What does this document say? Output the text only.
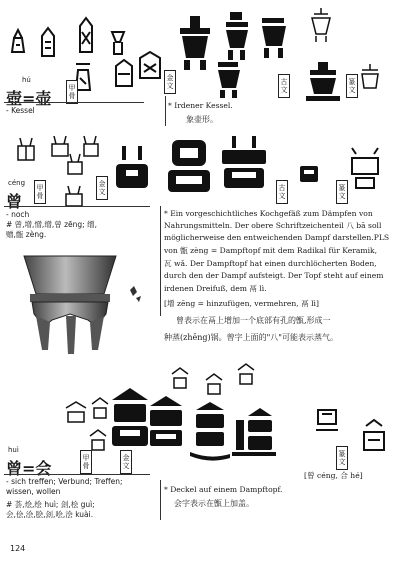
hú
壺=壶
- Kessel
甲
骨
金
文	古
文
篆
文
* Irdener Kessel.
象壶形。
céng
曾
- noch
# 曾,增,憎,缯,曾 zēng; 缯,
赠,甑 zèng.
甲
骨
金
文	古
文
篆
文
* Ein vorgeschichtliches Kochgefäß zum Dämpfen von
Nahrungsmitteln. Der obere Schriftzeichenteil 八 bā soll
möglicherweise den entweichenden Dampf darstellen.PLS
von 甑 zèng = Dampftopf mit dem Radikal für Keramik,
瓦 wǎ. Der Dampftopf hat einen durchlöcherten Boden,
durch den der Dampf aufsteigt. Der Topf steht auf einem
irdenen Dreifuß, dem 鬲 lì.
[增 zēng = hinzufügen, vermehren, 鬲 lì]
曾表示在鬲上增加一个底部有孔的甑,形成一
种蒸(zhēng)锅。曾字上面的"八"可能表示蒸气。
huì
曾=会
- sich treffen; Verbund; Treffen;
wissen, wollen
# 荟,烩,绘 huì; 刽,桧 guì;
会,侩,浍,脍,刽,哙,浍 kuài.
甲
骨
金
文
篆
文
[曾 céng, 合 hé]
* Deckel auf einem Dampftopf.
会字表示在甑上加盖。
124
